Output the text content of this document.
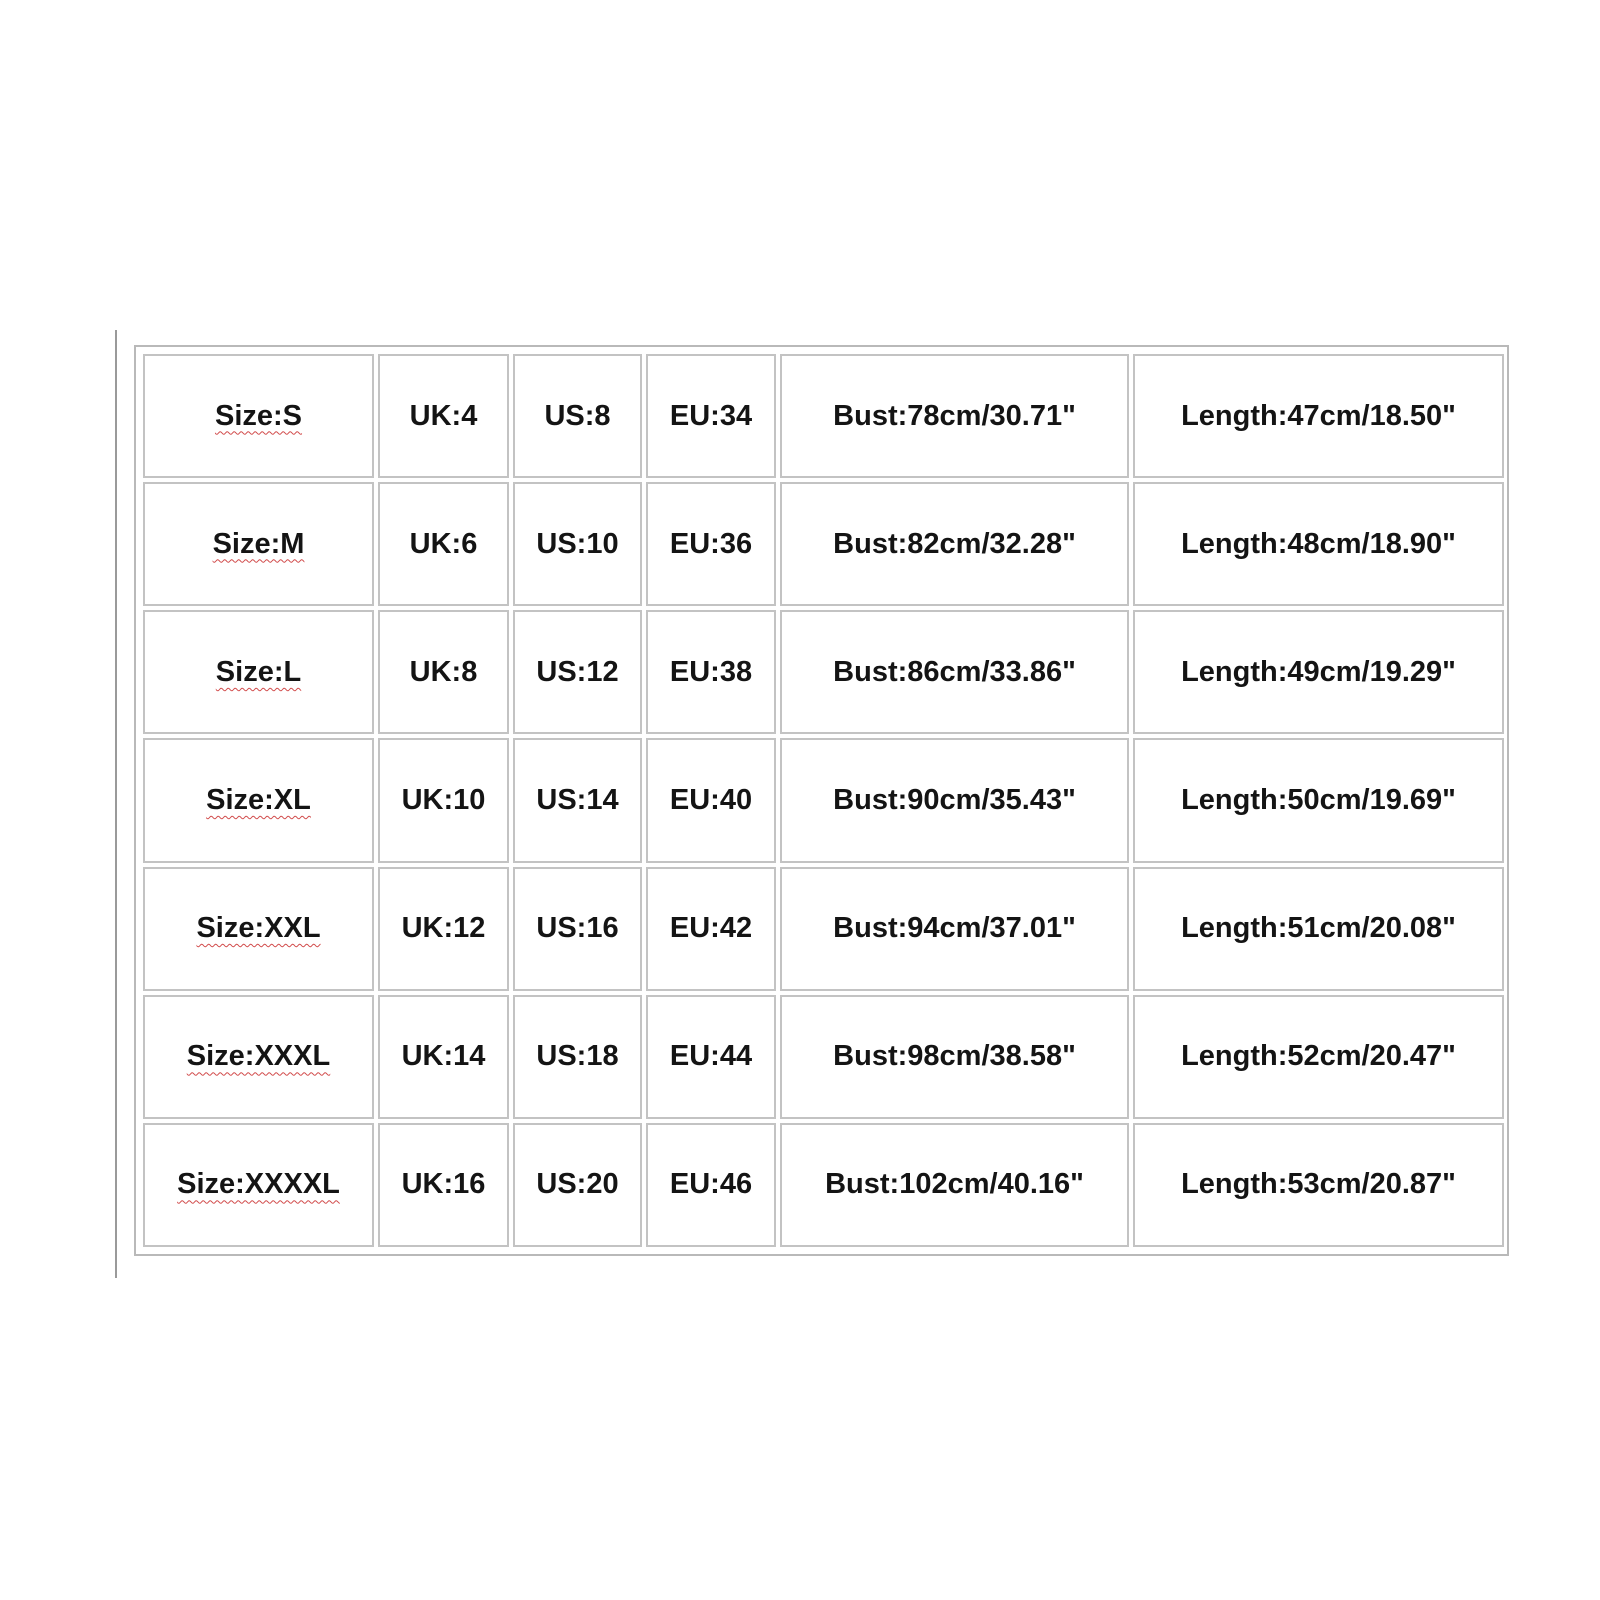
Size:S	UK:4	US:8	EU:34	Bust:78cm/30.71"	Length:47cm/18.50"
Size:M	UK:6	US:10	EU:36	Bust:82cm/32.28"	Length:48cm/18.90"
Size:L	UK:8	US:12	EU:38	Bust:86cm/33.86"	Length:49cm/19.29"
Size:XL	UK:10	US:14	EU:40	Bust:90cm/35.43"	Length:50cm/19.69"
Size:XXL	UK:12	US:16	EU:42	Bust:94cm/37.01"	Length:51cm/20.08"
Size:XXXL	UK:14	US:18	EU:44	Bust:98cm/38.58"	Length:52cm/20.47"
Size:XXXXL	UK:16	US:20	EU:46	Bust:102cm/40.16"	Length:53cm/20.87"
